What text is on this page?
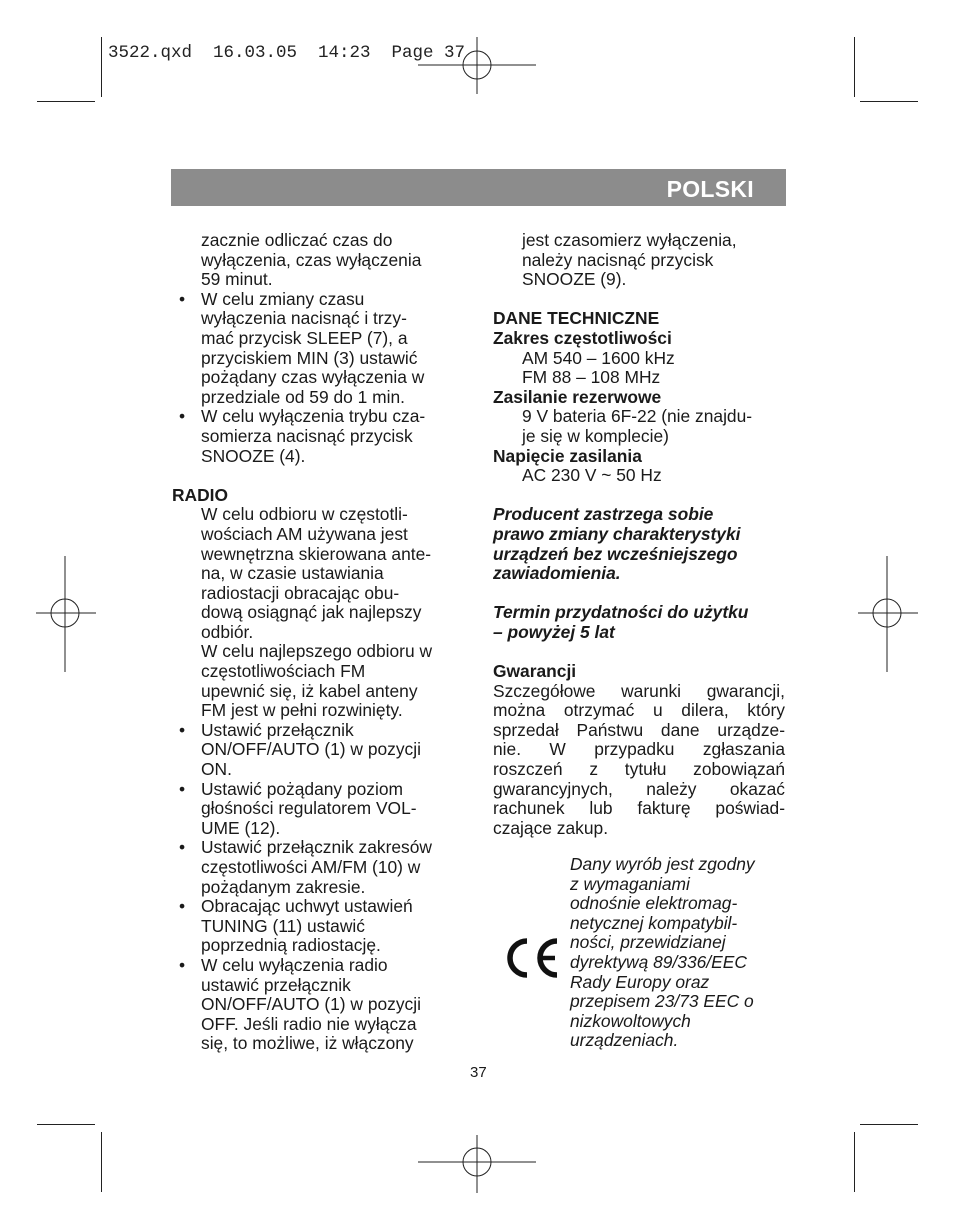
3522.qxd  16.03.05  14:23  Page 37
POLSKI

zacznie odliczać czas do

wyłączenia, czas wyłączenia

59 minut.

• W celu zmiany czasu

wyłączenia nacisnąć i trzy-

mać przycisk SLEEP (7), a

przyciskiem MIN (3) ustawić

pożądany czas wyłączenia w

przedziale od 59 do 1 min.

• W celu wyłączenia trybu cza-

somierza nacisnąć przycisk

SNOOZE (4).

RADIO

W celu odbioru w częstotli-

wościach AM używana jest

wewnętrzna skierowana ante-

na, w czasie ustawiania

radiostacji obracając obu-

dową osiągnąć jak najlepszy

odbiór.

W celu najlepszego odbioru w

częstotliwościach FM

upewnić się, iż kabel anteny

FM jest w pełni rozwinięty.

• Ustawić przełącznik

ON/OFF/AUTO (1) w pozycji

ON.

• Ustawić pożądany poziom

głośności regulatorem VOL-

UME (12).

• Ustawić przełącznik zakresów

częstotliwości AM/FM (10) w

pożądanym zakresie.

• Obracając uchwyt ustawień

TUNING (11) ustawić

poprzednią radiostację.

• W celu wyłączenia radio

ustawić przełącznik

ON/OFF/AUTO (1) w pozycji

OFF. Jeśli radio nie wyłącza

się, to możliwe, iż włączony

jest czasomierz wyłączenia,

należy nacisnąć przycisk

SNOOZE (9).

DANE TECHNICZNE

Zakres częstotliwości

AM 540 – 1600 kHz

FM 88 – 108 MHz

Zasilanie rezerwowe

9 V bateria 6F-22 (nie znajdu-

je się w komplecie)

Napięcie zasilania

AC 230 V ~ 50 Hz

Producent zastrzega sobie

prawo zmiany charakterystyki

urządzeń bez wcześniejszego

zawiadomienia.

Termin przydatności do użytku

– powyżej 5 lat

Gwarancji

Szczegółowe warunki gwarancji,

można otrzymać u dilera, który

sprzedał Państwu dane urządze-

nie. W przypadku zgłaszania

roszczeń z tytułu zobowiązań

gwarancyjnych, należy okazać

rachunek lub fakturę poświad-

czające zakup.

Dany wyrób jest zgodny

z wymaganiami

odnośnie elektromag-

netycznej kompatybil-

ności, przewidzianej

dyrektywą 89/336/EEC

Rady Europy oraz

przepisem 23/73 EEC o

nizkowoltowych

urządzeniach.

37
